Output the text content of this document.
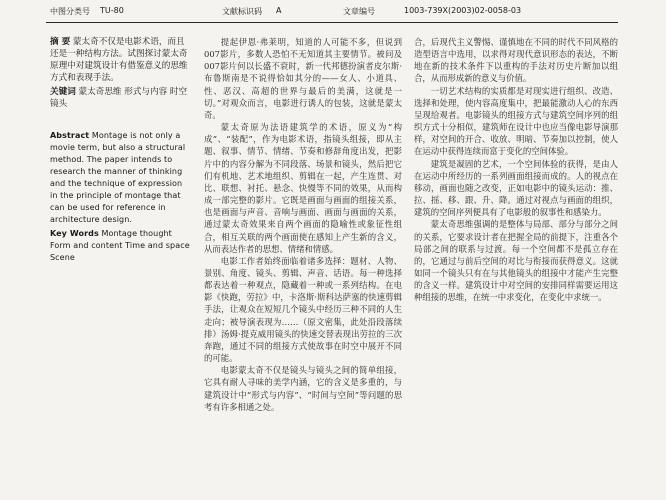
中图分类号 TU-80	文献标识码 A	文章编号	1003-739X(2003)02-0058-03

摘 要 蒙太奇不仅是电影术语，而且还是一种结构方法。试图探讨蒙太奇原理中对建筑设计有借鉴意义的思维方式和表现手法。

关键词 蒙太奇思维 形式与内容 时空 镜头

Abstract Montage is not only a movie term, but also a structural method. The paper intends to research the manner of thinking and the technique of expression in the principle of montage that can be used for reference in architecture design.

Key Words Montage thought Form and content Time and space Scene

提起伊恩·弗莱明，知道的人可能不多，但说到007影片，多数人恐怕不无知道其主要情节。被问及007影片何以长盛不衰时，新一代邦德扮演者皮尔斯·布鲁斯南是不说得恰如其分的——女人、小道具、性、恶汉、高超的世界与最后的美满，这就是一切。”对观众而言，电影进行诱人的包装，这就是蒙太奇。

蒙太奇原为法语建筑学的术语，原义为“构成”、“装配”，作为电影术语，指镜头组接，即从主题、叙事、情节、情绪、节奏和修辞角度出发，把影片中的内容分解为不同段落、场景和镜头，然后把它们有机地、艺术地组织、剪辑在一起，产生连贯、对比、联想、衬托、悬念、快慢等不同的效果，从而构成一部完整的影片。它既是画面与画面的组接关系，也是画面与声音、音响与画面、画面与画面的关系，通过蒙太奇效果来自两个画面的隐喻性或象征性组合，相互关联的两个画面使在感知上产生新的含义，从而表达作者的思想、情绪和情感。

电影工作者始终面临着诸多选择：题材、人物、景别、角度、镜头、剪辑、声音、话语。每一种选择都表达着一种观点，隐藏着一种或一系列结构。在电影《快跑，劳拉》中，卡洛斯·斯科达萨塞的快速剪辑手法，让观众在短短几个镜头中经历三种不同的人生走向；被导演表现为……（原文密集，此处沿段落续排）汤姆·提克威用镜头的快速交替表现出劳拉的三次奔跑，通过不同的组接方式使故事在时空中展开不同的可能。

电影蒙太奇不仅是镜头与镜头之间的简单组接，它具有耐人寻味的美学内涵，它的含义是多重的，与建筑设计中“形式与内容”、“时间与空间”等问题的思考有许多相通之处。

合，后现代主义警惕、谨慎地在不同的时代不同风格的造型语言中选用，以求得对现代意识形态的表达，不断地在新的技术条件下以重构的手法对历史片断加以组合，从而形成新的意义与价值。

一切艺术结构的实质都是对现实进行组织、改造、选择和处理，使内容高度集中，把最能激动人心的东西呈现给观者。电影镜头的组接方式与建筑空间序列的组织方式十分相似，建筑师在设计中也应当像电影导演那样，对空间的开合、收放、明暗、节奏加以控制，使人在运动中获得连续而富于变化的空间体验。

建筑是凝固的艺术，一个空间体验的获得，是由人在运动中所经历的一系列画面组接而成的。人的视点在移动，画面也随之改变，正如电影中的镜头运动：推、拉、摇、移、跟、升、降。通过对视点与画面的组织，建筑的空间序列便具有了电影般的叙事性和感染力。

蒙太奇思维强调的是整体与局部、部分与部分之间的关系，它要求设计者在把握全局的前提下，注重各个局部之间的联系与过渡。每一个空间都不是孤立存在的，它通过与前后空间的对比与衔接而获得意义。这就如同一个镜头只有在与其他镜头的组接中才能产生完整的含义一样。建筑设计中对空间的安排同样需要运用这种组接的思维，在统一中求变化，在变化中求统一。
